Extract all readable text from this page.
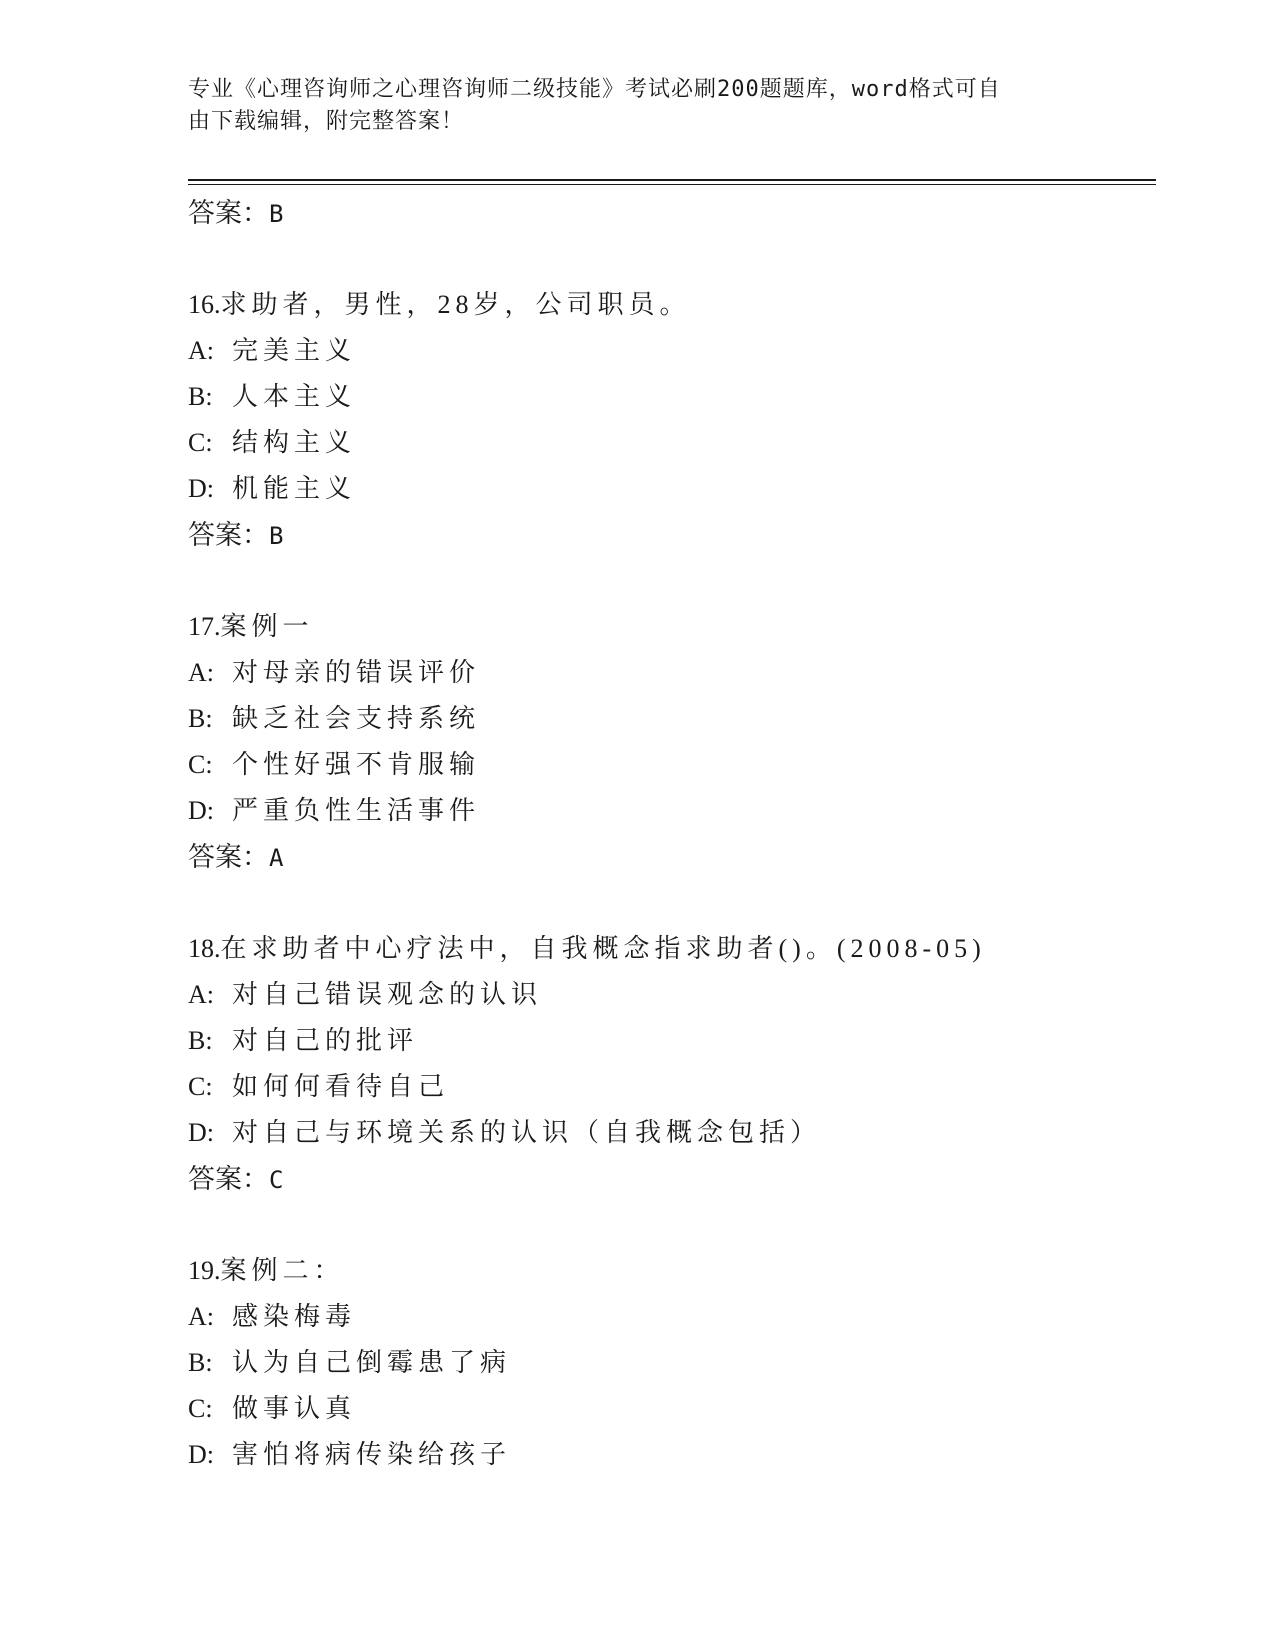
专业《心理咨询师之心理咨询师二级技能》考试必刷200题题库，word格式可自
由下载编辑，附完整答案！
答案：B
16.求助者，男性，28岁，公司职员。
A: 完美主义
B: 人本主义
C: 结构主义
D: 机能主义
答案：B
17.案例一
A: 对母亲的错误评价
B: 缺乏社会支持系统
C: 个性好强不肯服输
D: 严重负性生活事件
答案：A
18.在求助者中心疗法中，自我概念指求助者()。(2008-05)
A: 对自己错误观念的认识
B: 对自己的批评
C: 如何何看待自己
D: 对自己与环境关系的认识（自我概念包括）
答案：C
19.案例二：
A: 感染梅毒
B: 认为自己倒霉患了病
C: 做事认真
D: 害怕将病传染给孩子
